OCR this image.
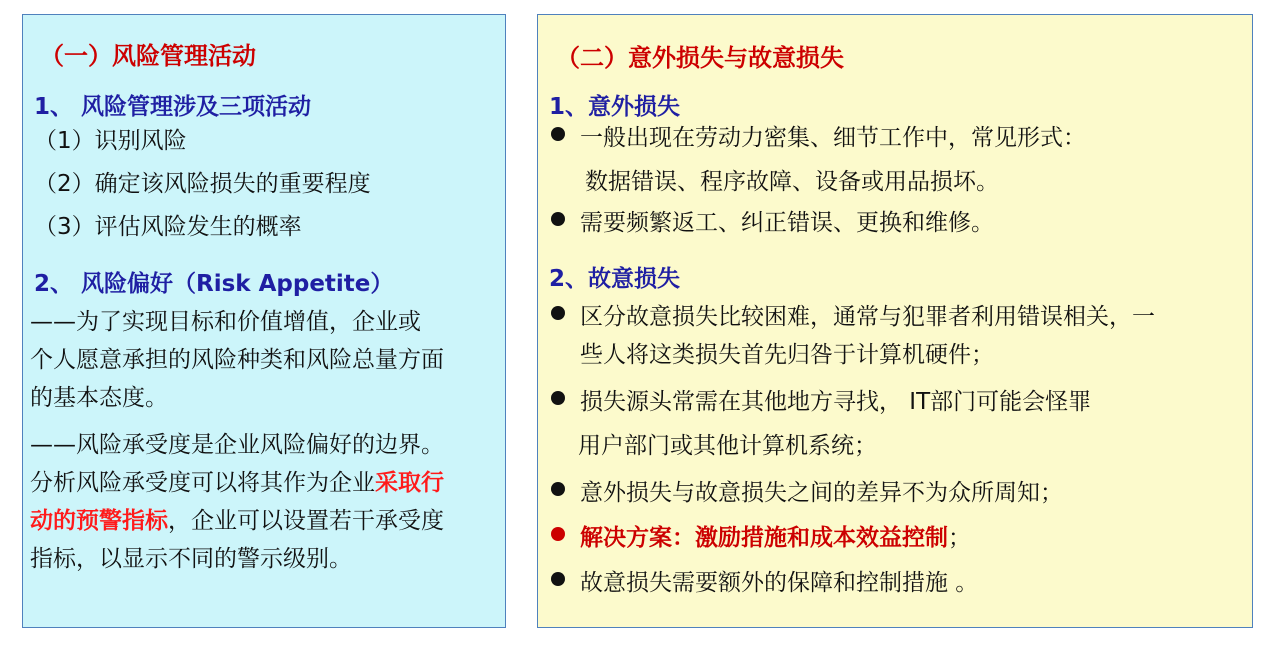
（一）风险管理活动
1、 风险管理涉及三项活动
（1）识别风险
（2）确定该风险损失的重要程度
（3）评估风险发生的概率
2、 风险偏好（Risk Appetite）
——为了实现目标和价值增值，企业或
个人愿意承担的风险种类和风险总量方面
的基本态度。
——风险承受度是企业风险偏好的边界。
分析风险承受度可以将其作为企业采取行
动的预警指标，企业可以设置若干承受度
指标，以显示不同的警示级别。
（二）意外损失与故意损失
1、意外损失
一般出现在劳动力密集、细节工作中，常见形式：
数据错误、程序故障、设备或用品损坏。
需要频繁返工、纠正错误、更换和维修。
2、故意损失
区分故意损失比较困难，通常与犯罪者利用错误相关，一
些人将这类损失首先归咎于计算机硬件；
损失源头常需在其他地方寻找， IT部门可能会怪罪
用户部门或其他计算机系统；
意外损失与故意损失之间的差异不为众所周知；
解决方案：激励措施和成本效益控制；
故意损失需要额外的保障和控制措施 。
